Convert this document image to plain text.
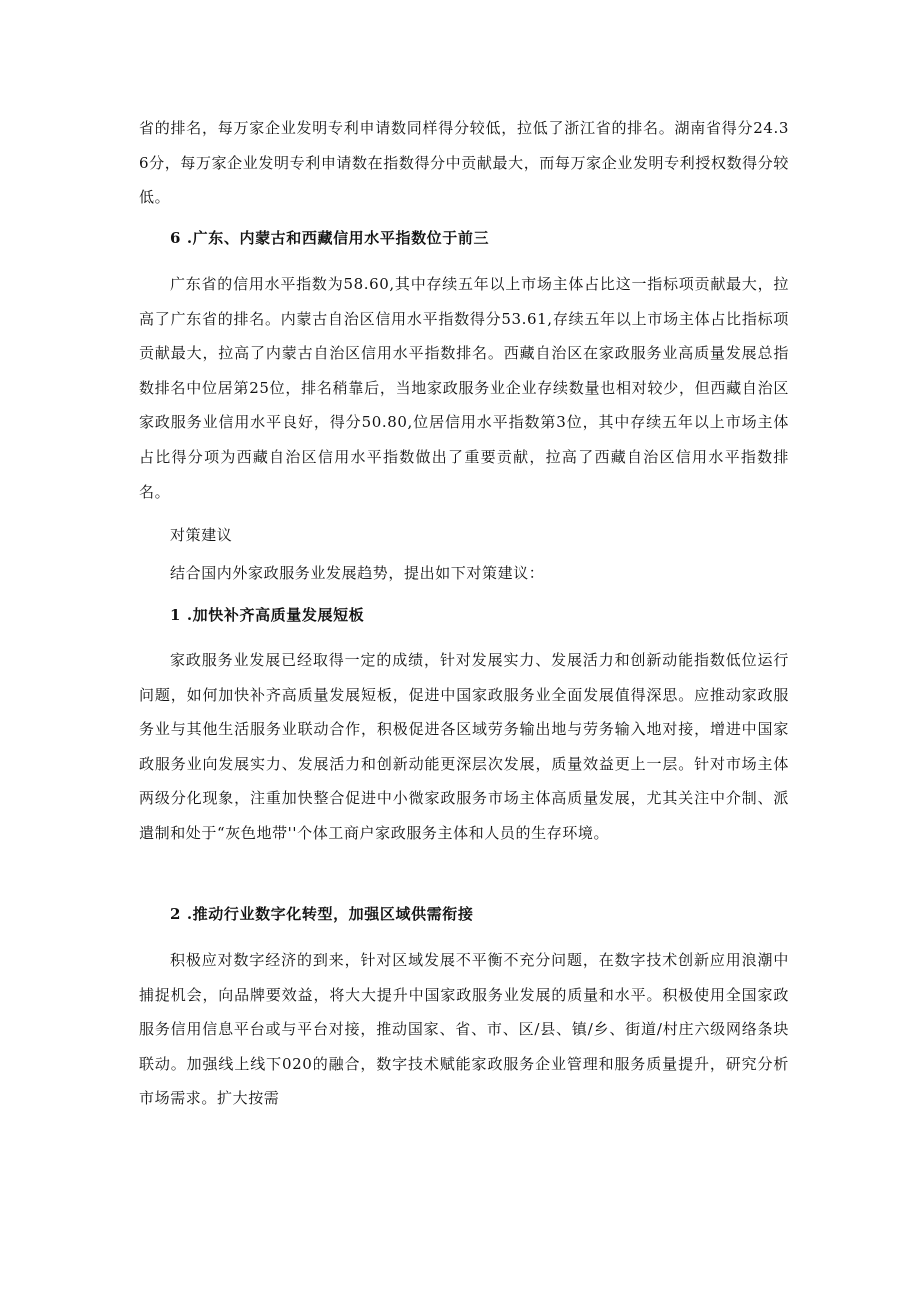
省的排名，每万家企业发明专利申请数同样得分较低，拉低了浙江省的排名。湖南省得分24.36分，每万家企业发明专利申请数在指数得分中贡献最大，而每万家企业发明专利授权数得分较低。

6 .广东、内蒙古和西藏信用水平指数位于前三

广东省的信用水平指数为58.60,其中存续五年以上市场主体占比这一指标项贡献最大，拉高了广东省的排名。内蒙古自治区信用水平指数得分53.61,存续五年以上市场主体占比指标项贡献最大，拉高了内蒙古自治区信用水平指数排名。西藏自治区在家政服务业高质量发展总指数排名中位居第25位，排名稍靠后，当地家政服务业企业存续数量也相对较少，但西藏自治区家政服务业信用水平良好，得分50.80,位居信用水平指数第3位，其中存续五年以上市场主体占比得分项为西藏自治区信用水平指数做出了重要贡献，拉高了西藏自治区信用水平指数排名。

对策建议

结合国内外家政服务业发展趋势，提出如下对策建议：

1 .加快补齐高质量发展短板

家政服务业发展已经取得一定的成绩，针对发展实力、发展活力和创新动能指数低位运行问题，如何加快补齐高质量发展短板，促进中国家政服务业全面发展值得深思。应推动家政服务业与其他生活服务业联动合作，积极促进各区域劳务输出地与劳务输入地对接，增进中国家政服务业向发展实力、发展活力和创新动能更深层次发展，质量效益更上一层。针对市场主体两级分化现象，注重加快整合促进中小微家政服务市场主体高质量发展，尤其关注中介制、派遣制和处于“灰色地带''个体工商户家政服务主体和人员的生存环境。

2 .推动行业数字化转型，加强区域供需衔接

积极应对数字经济的到来，针对区域发展不平衡不充分问题，在数字技术创新应用浪潮中捕捉机会，向品牌要效益，将大大提升中国家政服务业发展的质量和水平。积极使用全国家政服务信用信息平台或与平台对接，推动国家、省、市、区/县、镇/乡、街道/村庄六级网络条块联动。加强线上线下020的融合，数字技术赋能家政服务企业管理和服务质量提升，研究分析市场需求。扩大按需
